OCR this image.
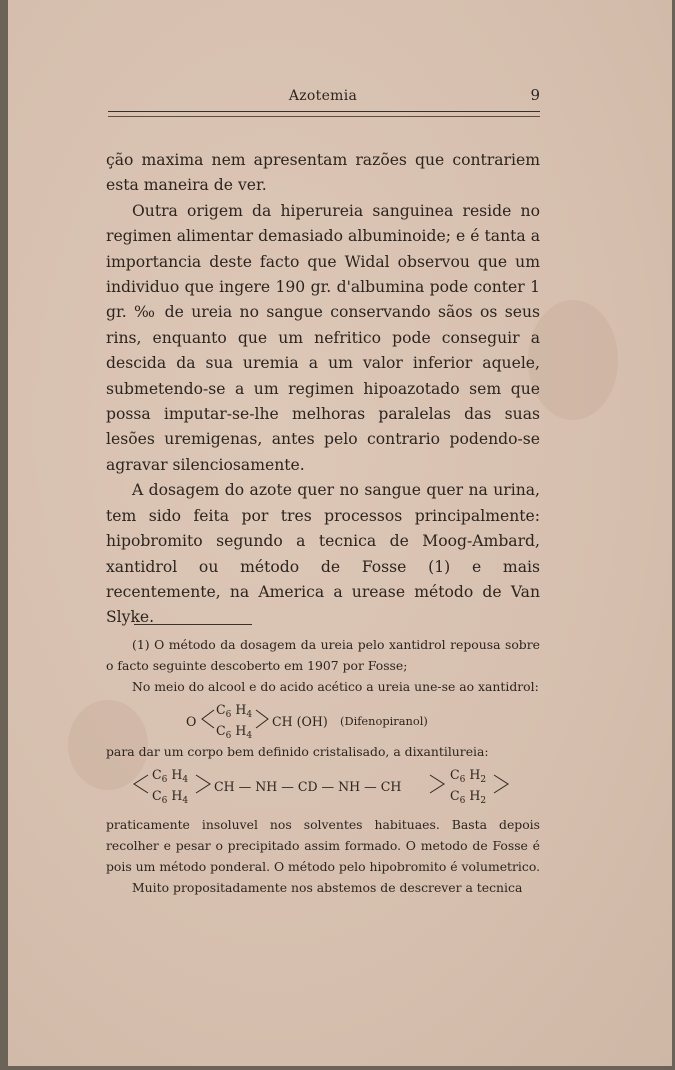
Azotemia	9

ção maxima nem apresentam razões que contrariem esta maneira de ver.

Outra origem da hiperureia sanguinea reside no regimen alimentar demasiado albuminoide; e é tanta a importancia deste facto que Widal observou que um individuo que ingere 190 gr. d'albumina pode conter 1 gr. ‰ de ureia no sangue conservando sãos os seus rins, enquanto que um nefritico pode conseguir a descida da sua uremia a um valor inferior aquele, submetendo-se a um regimen hipoazotado sem que possa imputar-se-lhe melhoras paralelas das suas lesões uremigenas, antes pelo contrario podendo-se agravar silenciosamente.

A dosagem do azote quer no sangue quer na urina, tem sido feita por tres processos principalmente: hipobromito segundo a tecnica de Moog-Ambard, xantidrol ou método de Fosse (1) e mais recentemente, na America a urease método de Van Slyke.

(1) O método da dosagem da ureia pelo xantidrol repousa sobre o facto seguinte descoberto em 1907 por Fosse;

No meio do alcool e do acido acético a ureia une-se ao xantidrol:

O
$C_6$ $H_4$
$C_6$ $H_4$
CH (OH) (Difenopiranol)

para dar um corpo bem definido cristalisado, a dixantilureia:

$C_6$ $H_4$
$C_6$ $H_4$
CH — NH — CD — NH — CH
$C_6$ $H_2$
$C_6$ $H_2$

praticamente insoluvel nos solventes habituaes. Basta depois recolher e pesar o precipitado assim formado. O metodo de Fosse é pois um método ponderal. O método pelo hipobromito é volumetrico.

Muito propositadamente nos abstemos de descrever a tecnica
